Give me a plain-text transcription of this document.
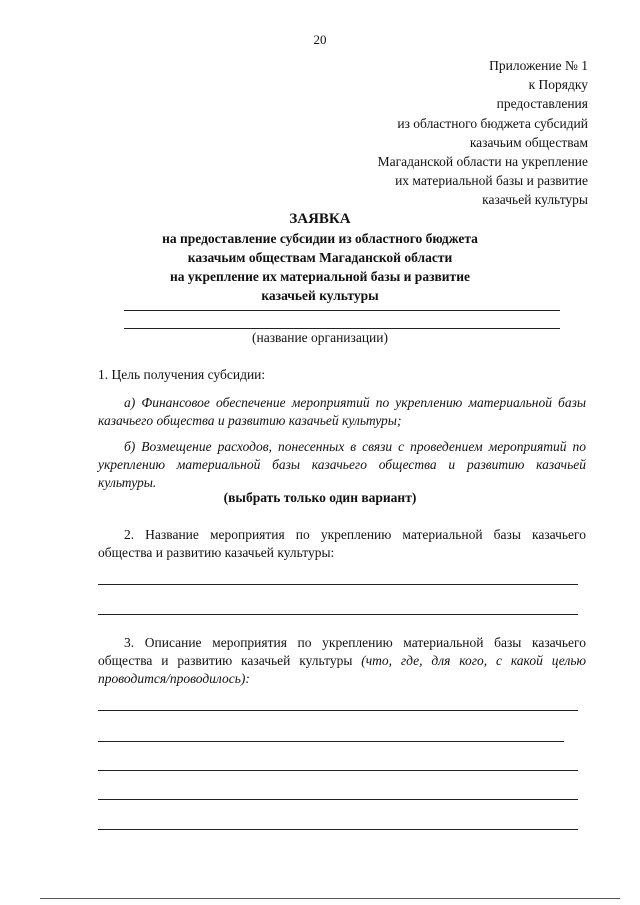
20
Приложение № 1
к Порядку
предоставления
из областного бюджета субсидий
казачьим обществам
Магаданской области на укрепление
их материальной базы и развитие
казачьей культуры
ЗАЯВКА
на предоставление субсидии из областного бюджета
казачьим обществам Магаданской области
на укрепление их материальной базы и развитие
казачьей культуры
(название организации)
1. Цель получения субсидии:
а) Финансовое обеспечение мероприятий по укреплению материальной базы казачьего общества и развитию казачьей культуры;
б) Возмещение расходов, понесенных в связи с проведением мероприятий по укреплению материальной базы казачьего общества и развитию казачьей культуры.
(выбрать только один вариант)
2. Название мероприятия по укреплению материальной базы казачьего общества и развитию казачьей культуры:
3. Описание мероприятия по укреплению материальной базы казачьего общества и развитию казачьей культуры (что, где, для кого, с какой целью проводится/проводилось):
